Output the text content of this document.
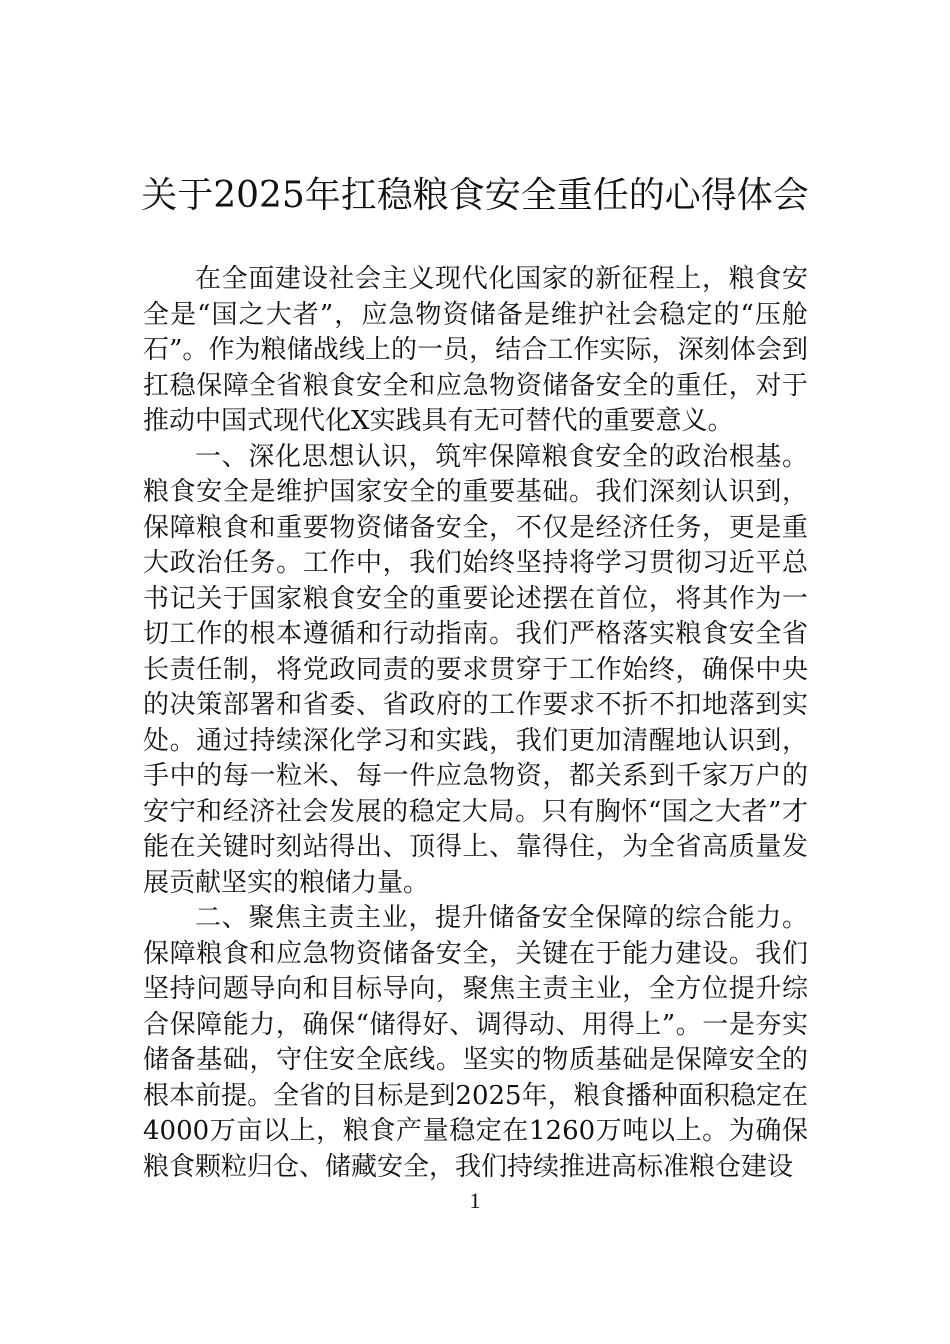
关于2025年扛稳粮食安全重任的心得体会

在全面建设社会主义现代化国家的新征程上，粮食安全是“国之大者”，应急物资储备是维护社会稳定的“压舱石”。作为粮储战线上的一员，结合工作实际，深刻体会到扛稳保障全省粮食安全和应急物资储备安全的重任，对于推动中国式现代化X实践具有无可替代的重要意义。

一、深化思想认识，筑牢保障粮食安全的政治根基。粮食安全是维护国家安全的重要基础。我们深刻认识到，保障粮食和重要物资储备安全，不仅是经济任务，更是重大政治任务。工作中，我们始终坚持将学习贯彻习近平总书记关于国家粮食安全的重要论述摆在首位，将其作为一切工作的根本遵循和行动指南。我们严格落实粮食安全省长责任制，将党政同责的要求贯穿于工作始终，确保中央的决策部署和省委、省政府的工作要求不折不扣地落到实处。通过持续深化学习和实践，我们更加清醒地认识到，手中的每一粒米、每一件应急物资，都关系到千家万户的安宁和经济社会发展的稳定大局。只有胸怀“国之大者”才能在关键时刻站得出、顶得上、靠得住，为全省高质量发展贡献坚实的粮储力量。

二、聚焦主责主业，提升储备安全保障的综合能力。保障粮食和应急物资储备安全，关键在于能力建设。我们坚持问题导向和目标导向，聚焦主责主业，全方位提升综合保障能力，确保“储得好、调得动、用得上”。一是夯实储备基础，守住安全底线。坚实的物质基础是保障安全的根本前提。全省的目标是到2025年，粮食播种面积稳定在4000万亩以上，粮食产量稳定在1260万吨以上。为确保粮食颗粒归仓、储藏安全，我们持续推进高标准粮仓建设

1
